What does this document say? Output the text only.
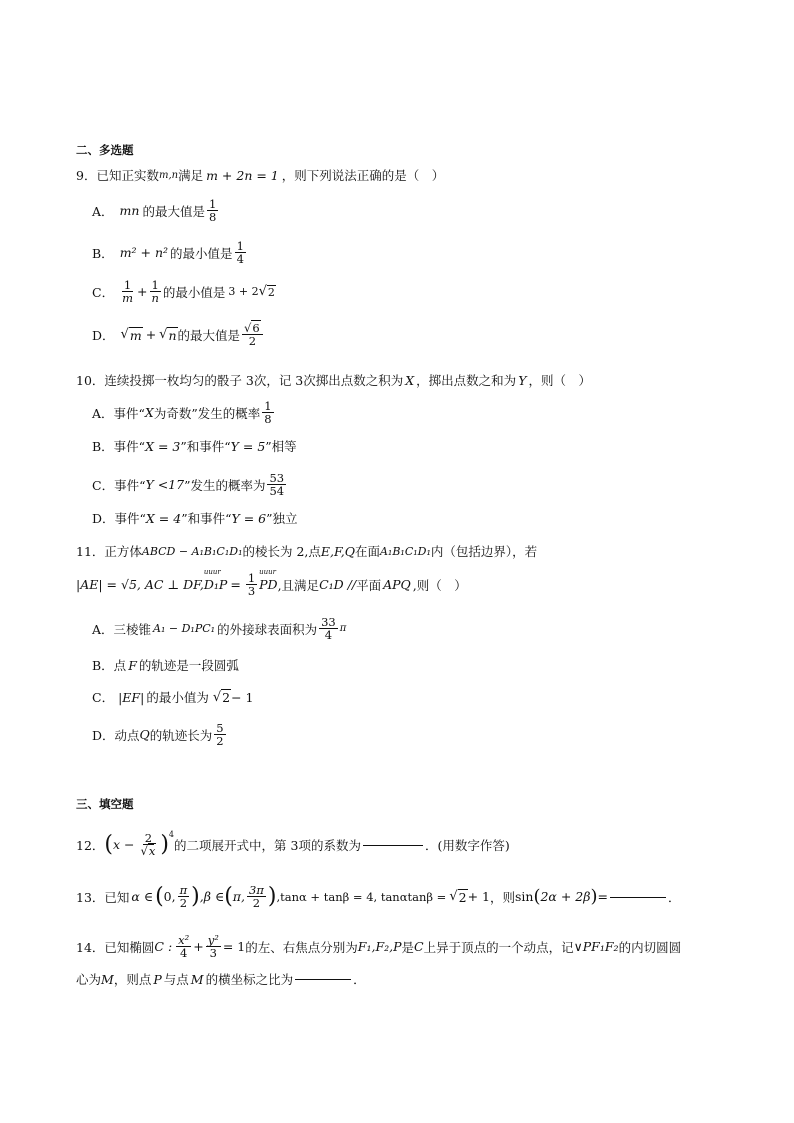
二、多选题
9．已知正实数 m,n 满足 m + 2n = 1 ，则下列说法正确的是（　）
A． mn 的最大值是 $\frac{1}{8}$
B． m² + n² 的最小值是 $\frac{1}{4}$
C． $\frac{1}{m} + \frac{1}{n}$ 的最小值是 3 + 2 √ 2
D． √ m + √ n 的最大值是 $\frac{√6}{2}$
10．连续投掷一枚均匀的骰子 3次，记 3次掷出点数之积为 X ，掷出点数之和为 Y ，则（　）
A．事件“ X 为奇数”发生的概率 $\frac{1}{8}$
B．事件“ X = 3 ”和事件“ Y = 5 ”相等
C．事件“ Y <17 ”发生的概率为 $\frac{53}{54}$
D．事件“ X = 4 ”和事件“ Y = 6 ”独立
11．正方体 ABCD − A₁B₁C₁D₁ 的棱长为 2,点 E,F,Q 在面 A₁B₁C₁D₁ 内（包括边界），若
|AE| = √5, AC ⊥ DF,
uuur
$D_1P = \frac{1}{3}$ uuur
PD ,且满足 C₁D // 平面 APQ ,则（　）
A．三棱锥 A₁ − D₁PC₁ 的外接球表面积为 $\frac{33}{4}$ π
B．点 F 的轨迹是一段圆弧
C． |EF| 的最小值为 √ 2 − 1
D．动点 Q 的轨迹长为 $\frac{5}{2}$
三、填空题
12． ( $x - \frac{2}{√x}$ ) 4
的二项展开式中，第 3项的系数为	．(用数字作答)
13．已知 α ∈ ( 0, $\frac{\pi}{2}$ ) ,β ∈ ( π, $\frac{3\pi}{2}$ ) ,tanα + tanβ = 4, tanαtanβ = √ 2 + 1 ，则 sin ( 2α + 2β ) =	．
14．已知椭圆 C : $\frac{\text{x²}}{4} + \frac{\text{y²}}{3} = 1$ 的左、右焦点分别为 F₁,F₂,P 是 C 上异于顶点的一个动点，记 ∨PF₁F₂ 的内切圆圆
心为 M ，则点 P 与点 M 的横坐标之比为	．
